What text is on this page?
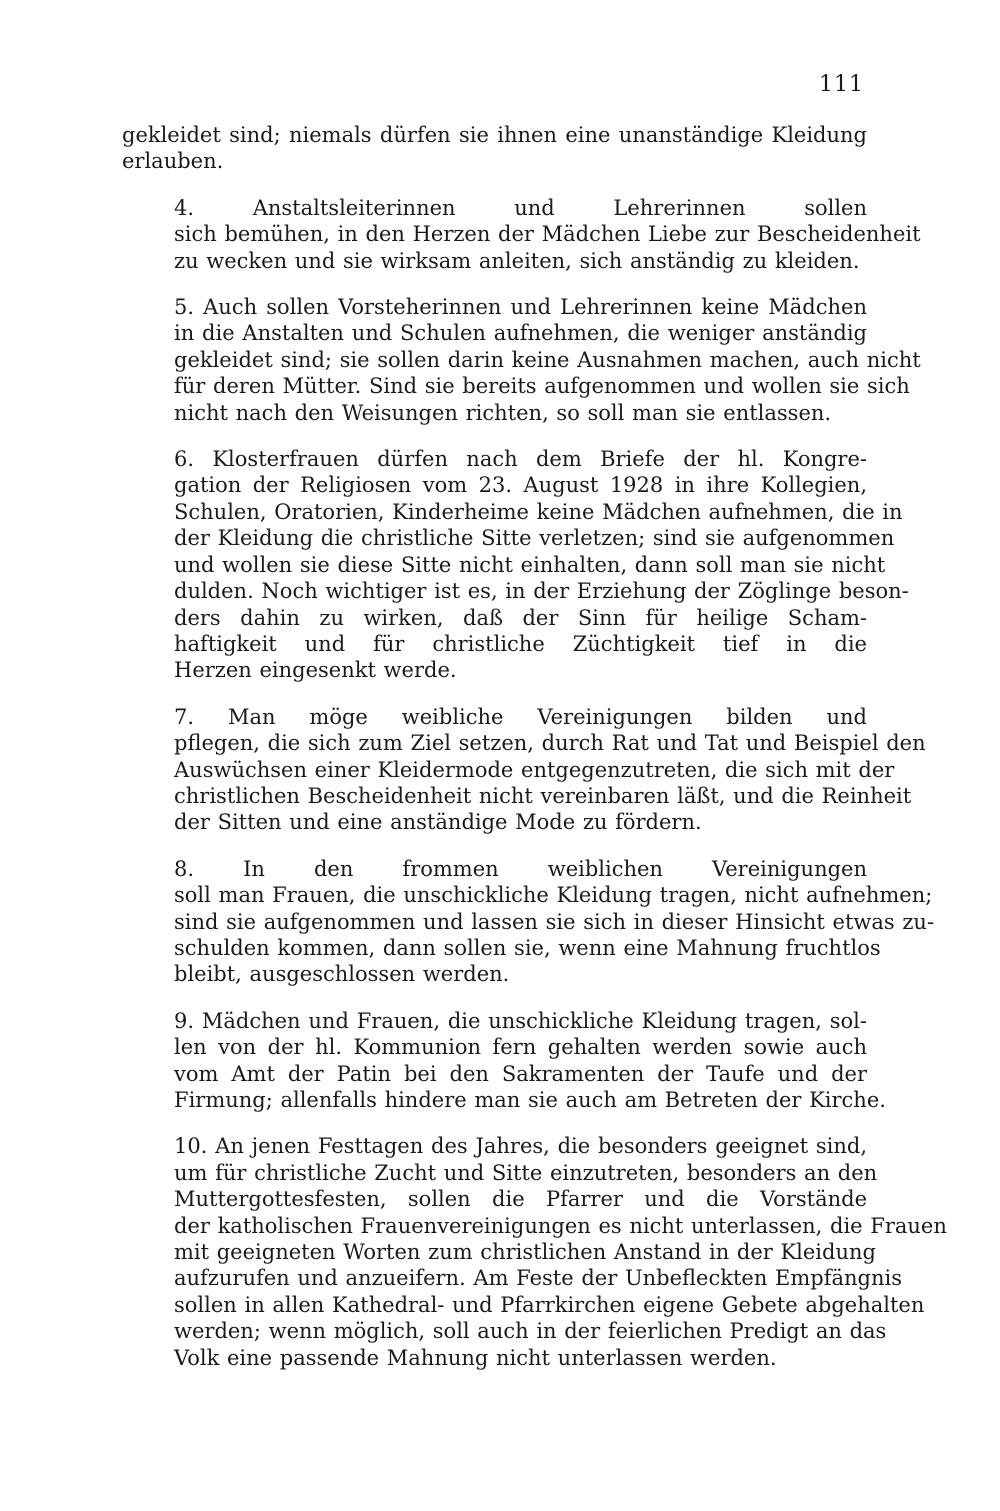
111

gekleidet sind; niemals dürfen sie ihnen eine unanständige Kleidung
erlauben.

4. Anstaltsleiterinnen und Lehrerinnen sollen
sich bemühen, in den Herzen der Mädchen Liebe zur Bescheidenheit
zu wecken und sie wirksam anleiten, sich anständig zu kleiden.

5. Auch sollen Vorsteherinnen und Lehrerinnen keine Mädchen
in die Anstalten und Schulen aufnehmen, die weniger anständig
gekleidet sind; sie sollen darin keine Ausnahmen machen, auch nicht
für deren Mütter. Sind sie bereits aufgenommen und wollen sie sich
nicht nach den Weisungen richten, so soll man sie entlassen.

6. Klosterfrauen dürfen nach dem Briefe der hl. Kongre-
gation der Religiosen vom 23. August 1928 in ihre Kollegien,
Schulen, Oratorien, Kinderheime keine Mädchen aufnehmen, die in
der Kleidung die christliche Sitte verletzen; sind sie aufgenommen
und wollen sie diese Sitte nicht einhalten, dann soll man sie nicht
dulden. Noch wichtiger ist es, in der Erziehung der Zöglinge beson-
ders dahin zu wirken, daß der Sinn für heilige Scham-
haftigkeit und für christliche Züchtigkeit tief in die
Herzen eingesenkt werde.

7. Man möge weibliche Vereinigungen bilden und
pflegen, die sich zum Ziel setzen, durch Rat und Tat und Beispiel den
Auswüchsen einer Kleidermode entgegenzutreten, die sich mit der
christlichen Bescheidenheit nicht vereinbaren läßt, und die Reinheit
der Sitten und eine anständige Mode zu fördern.

8. In den frommen weiblichen Vereinigungen
soll man Frauen, die unschickliche Kleidung tragen, nicht aufnehmen;
sind sie aufgenommen und lassen sie sich in dieser Hinsicht etwas zu-
schulden kommen, dann sollen sie, wenn eine Mahnung fruchtlos
bleibt, ausgeschlossen werden.

9. Mädchen und Frauen, die unschickliche Kleidung tragen, sol-
len von der hl. Kommunion fern gehalten werden sowie auch
vom Amt der Patin bei den Sakramenten der Taufe und der
Firmung; allenfalls hindere man sie auch am Betreten der Kirche.

10. An jenen Festtagen des Jahres, die besonders geeignet sind,
um für christliche Zucht und Sitte einzutreten, besonders an den
Muttergottesfesten, sollen die Pfarrer und die Vorstände
der katholischen Frauenvereinigungen es nicht unterlassen, die Frauen
mit geeigneten Worten zum christlichen Anstand in der Kleidung
aufzurufen und anzueifern. Am Feste der Unbefleckten Empfängnis
sollen in allen Kathedral- und Pfarrkirchen eigene Gebete abgehalten
werden; wenn möglich, soll auch in der feierlichen Predigt an das
Volk eine passende Mahnung nicht unterlassen werden.
